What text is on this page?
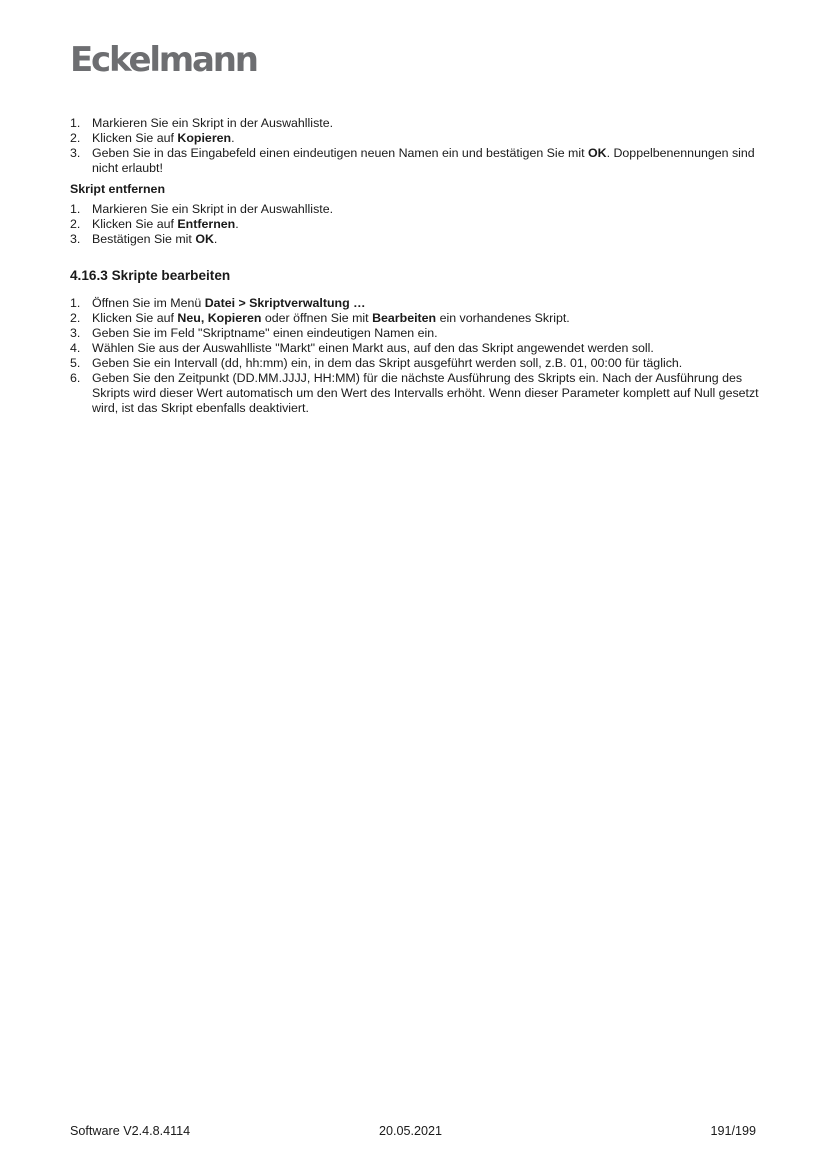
Eckelmann
1. Markieren Sie ein Skript in der Auswahlliste.
2. Klicken Sie auf Kopieren.
3. Geben Sie in das Eingabefeld einen eindeutigen neuen Namen ein und bestätigen Sie mit OK. Doppelbenennungen sind nicht erlaubt!
Skript entfernen
1. Markieren Sie ein Skript in der Auswahlliste.
2. Klicken Sie auf Entfernen.
3. Bestätigen Sie mit OK.
4.16.3 Skripte bearbeiten
1. Öffnen Sie im Menü Datei > Skriptverwaltung …
2. Klicken Sie auf Neu, Kopieren oder öffnen Sie mit Bearbeiten ein vorhandenes Skript.
3. Geben Sie im Feld "Skriptname" einen eindeutigen Namen ein.
4. Wählen Sie aus der Auswahlliste "Markt" einen Markt aus, auf den das Skript angewendet werden soll.
5. Geben Sie ein Intervall (dd, hh:mm) ein, in dem das Skript ausgeführt werden soll, z.B. 01, 00:00 für täglich.
6. Geben Sie den Zeitpunkt (DD.MM.JJJJ, HH:MM) für die nächste Ausführung des Skripts ein. Nach der Ausführung des Skripts wird dieser Wert automatisch um den Wert des Intervalls erhöht. Wenn dieser Parameter komplett auf Null gesetzt wird, ist das Skript ebenfalls deaktiviert.
Software V2.4.8.4114	20.05.2021	191/199
